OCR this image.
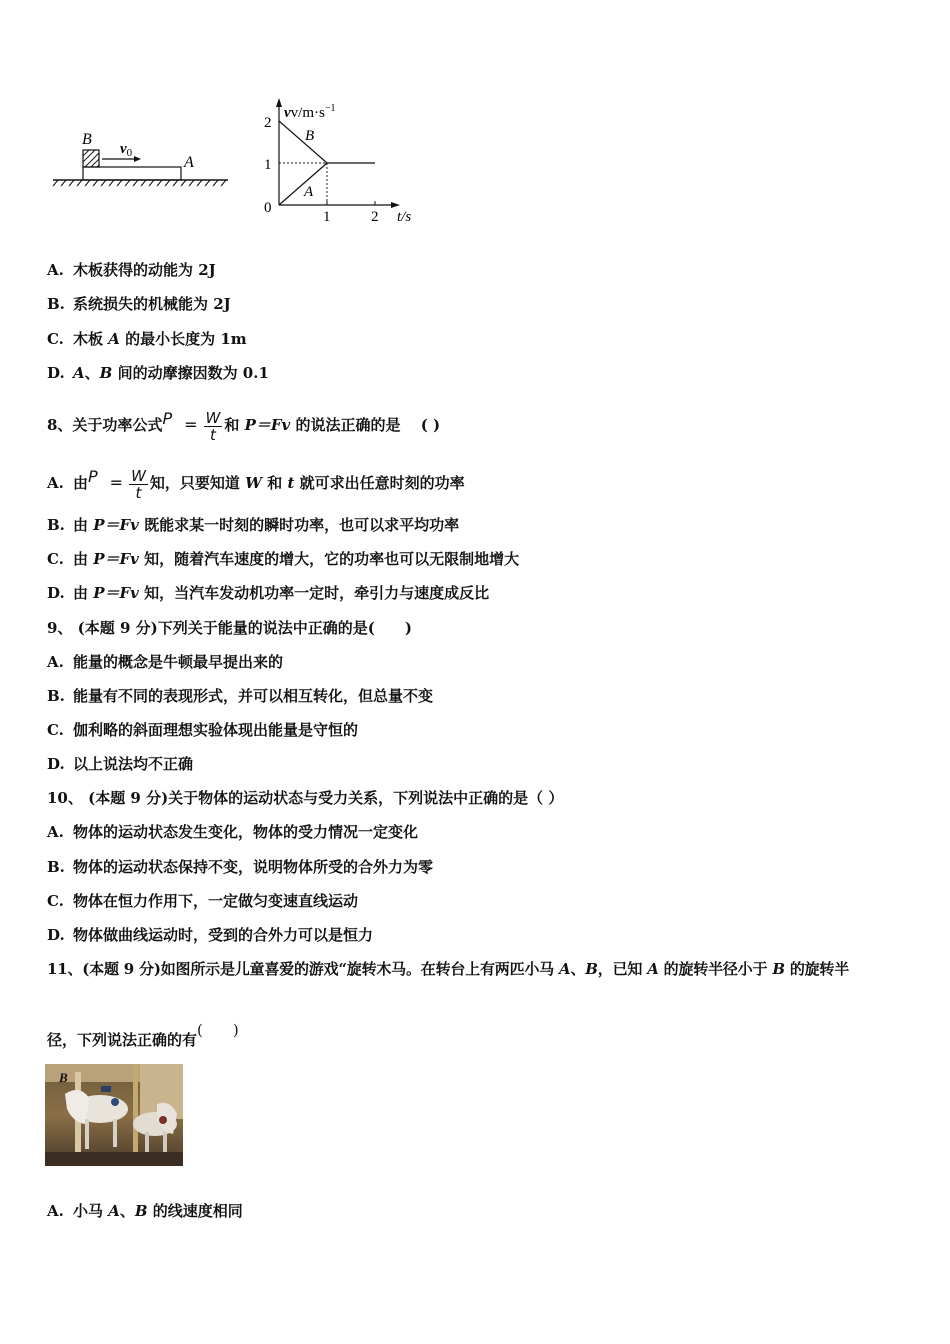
B
$v_0$
A
$vv/m\cdot s^{-1}$
2
1
0
1	2 t/s
B
A
A. 木板获得的动能为 2J
B. 系统损失的机械能为 2J
C. 木板 A 的最小长度为 1m
D. A、B 间的动摩擦因数为 0.1
8、关于功率公式$P = \frac{W}{t}$ 和 P＝Fv 的说法正确的是　 ( )
A. 由$P = \frac{W}{t}$ 知，只要知道 W 和 t 就可求出任意时刻的功率
B. 由 P＝Fv 既能求某一时刻的瞬时功率，也可以求平均功率
C. 由 P＝Fv 知，随着汽车速度的增大，它的功率也可以无限制地增大
D. 由 P＝Fv 知，当汽车发动机功率一定时，牵引力与速度成反比
9、 (本题 9 分)下列关于能量的说法中正确的是(　　)
A. 能量的概念是牛顿最早提出来的
B. 能量有不同的表现形式，并可以相互转化，但总量不变
C. 伽利略的斜面理想实验体现出能量是守恒的
D. 以上说法均不正确
10、 (本题 9 分)关于物体的运动状态与受力关系，下列说法中正确的是（ ）
A. 物体的运动状态发生变化，物体的受力情况一定变化
B. 物体的运动状态保持不变，说明物体所受的合外力为零
C. 物体在恒力作用下，一定做匀变速直线运动
D. 物体做曲线运动时，受到的合外力可以是恒力
11、(本题 9 分)如图所示是儿童喜爱的游戏“旋转木马。在转台上有两匹小马 A、B，已知 A 的旋转半径小于 B 的旋转半
径，下列说法正确的有(　　)
B
A. 小马 A、B 的线速度相同
